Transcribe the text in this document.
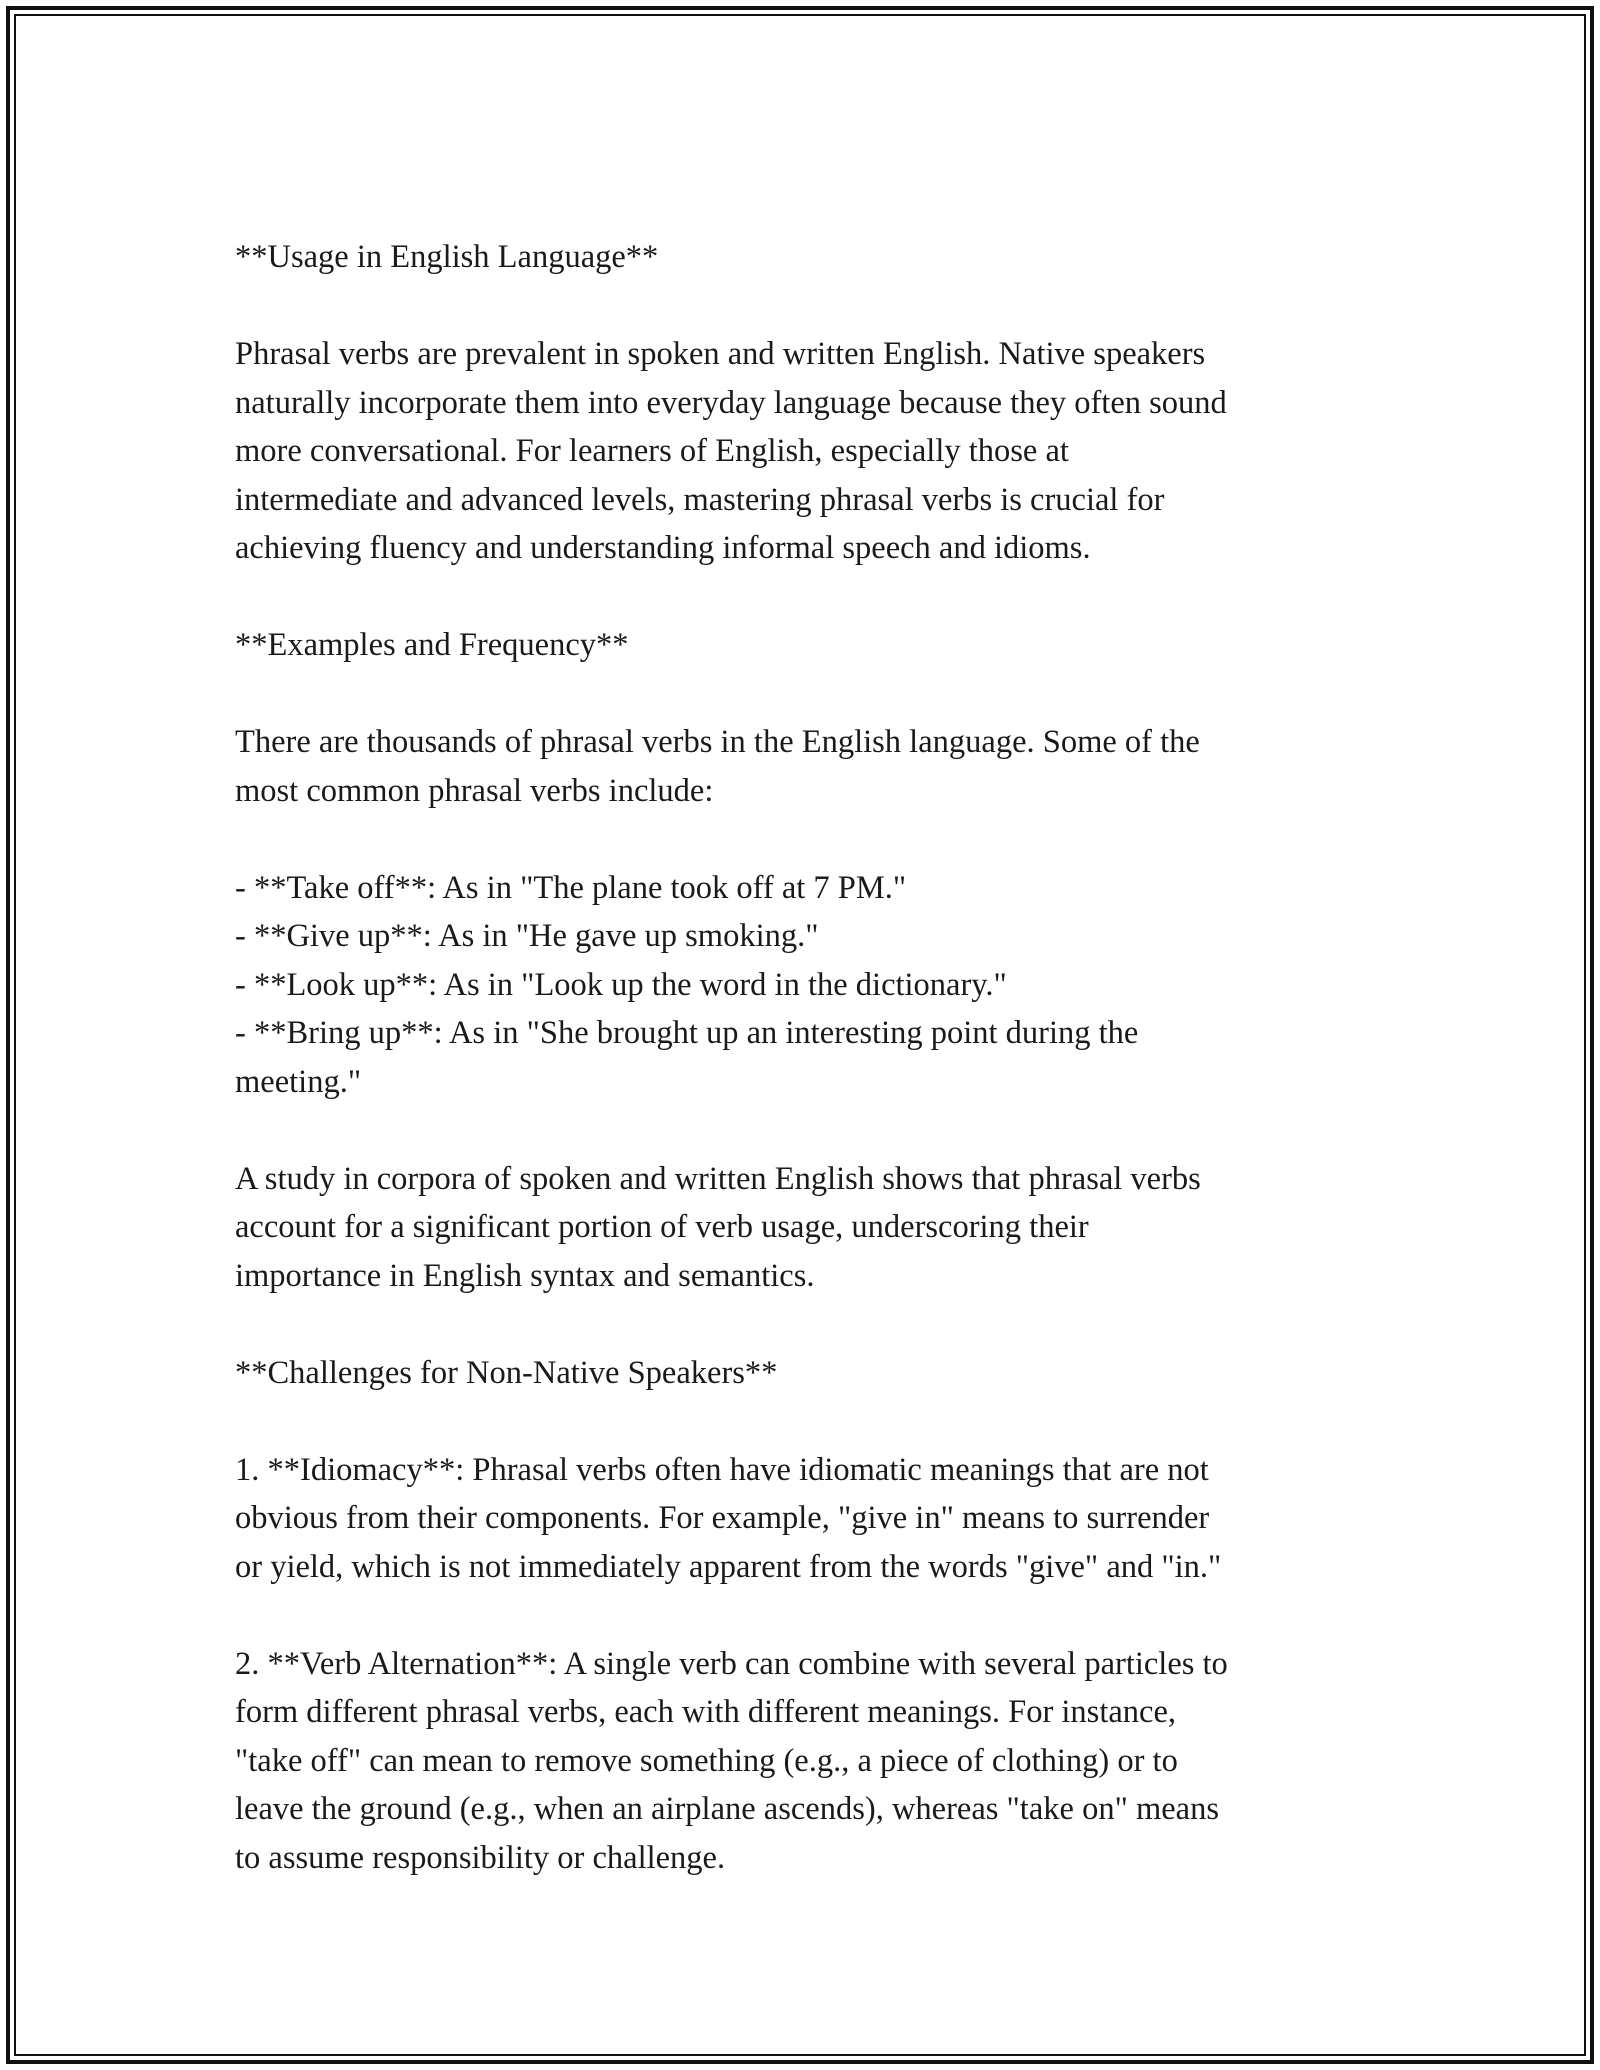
**Usage in English Language**

Phrasal verbs are prevalent in spoken and written English. Native speakers
naturally incorporate them into everyday language because they often sound
more conversational. For learners of English, especially those at
intermediate and advanced levels, mastering phrasal verbs is crucial for
achieving fluency and understanding informal speech and idioms.

**Examples and Frequency**

There are thousands of phrasal verbs in the English language. Some of the
most common phrasal verbs include:

- **Take off**: As in "The plane took off at 7 PM."
- **Give up**: As in "He gave up smoking."
- **Look up**: As in "Look up the word in the dictionary."
- **Bring up**: As in "She brought up an interesting point during the
meeting."

A study in corpora of spoken and written English shows that phrasal verbs
account for a significant portion of verb usage, underscoring their
importance in English syntax and semantics.

**Challenges for Non-Native Speakers**

1. **Idiomacy**: Phrasal verbs often have idiomatic meanings that are not
obvious from their components. For example, "give in" means to surrender
or yield, which is not immediately apparent from the words "give" and "in."

2. **Verb Alternation**: A single verb can combine with several particles to
form different phrasal verbs, each with different meanings. For instance,
"take off" can mean to remove something (e.g., a piece of clothing) or to
leave the ground (e.g., when an airplane ascends), whereas "take on" means
to assume responsibility or challenge.
